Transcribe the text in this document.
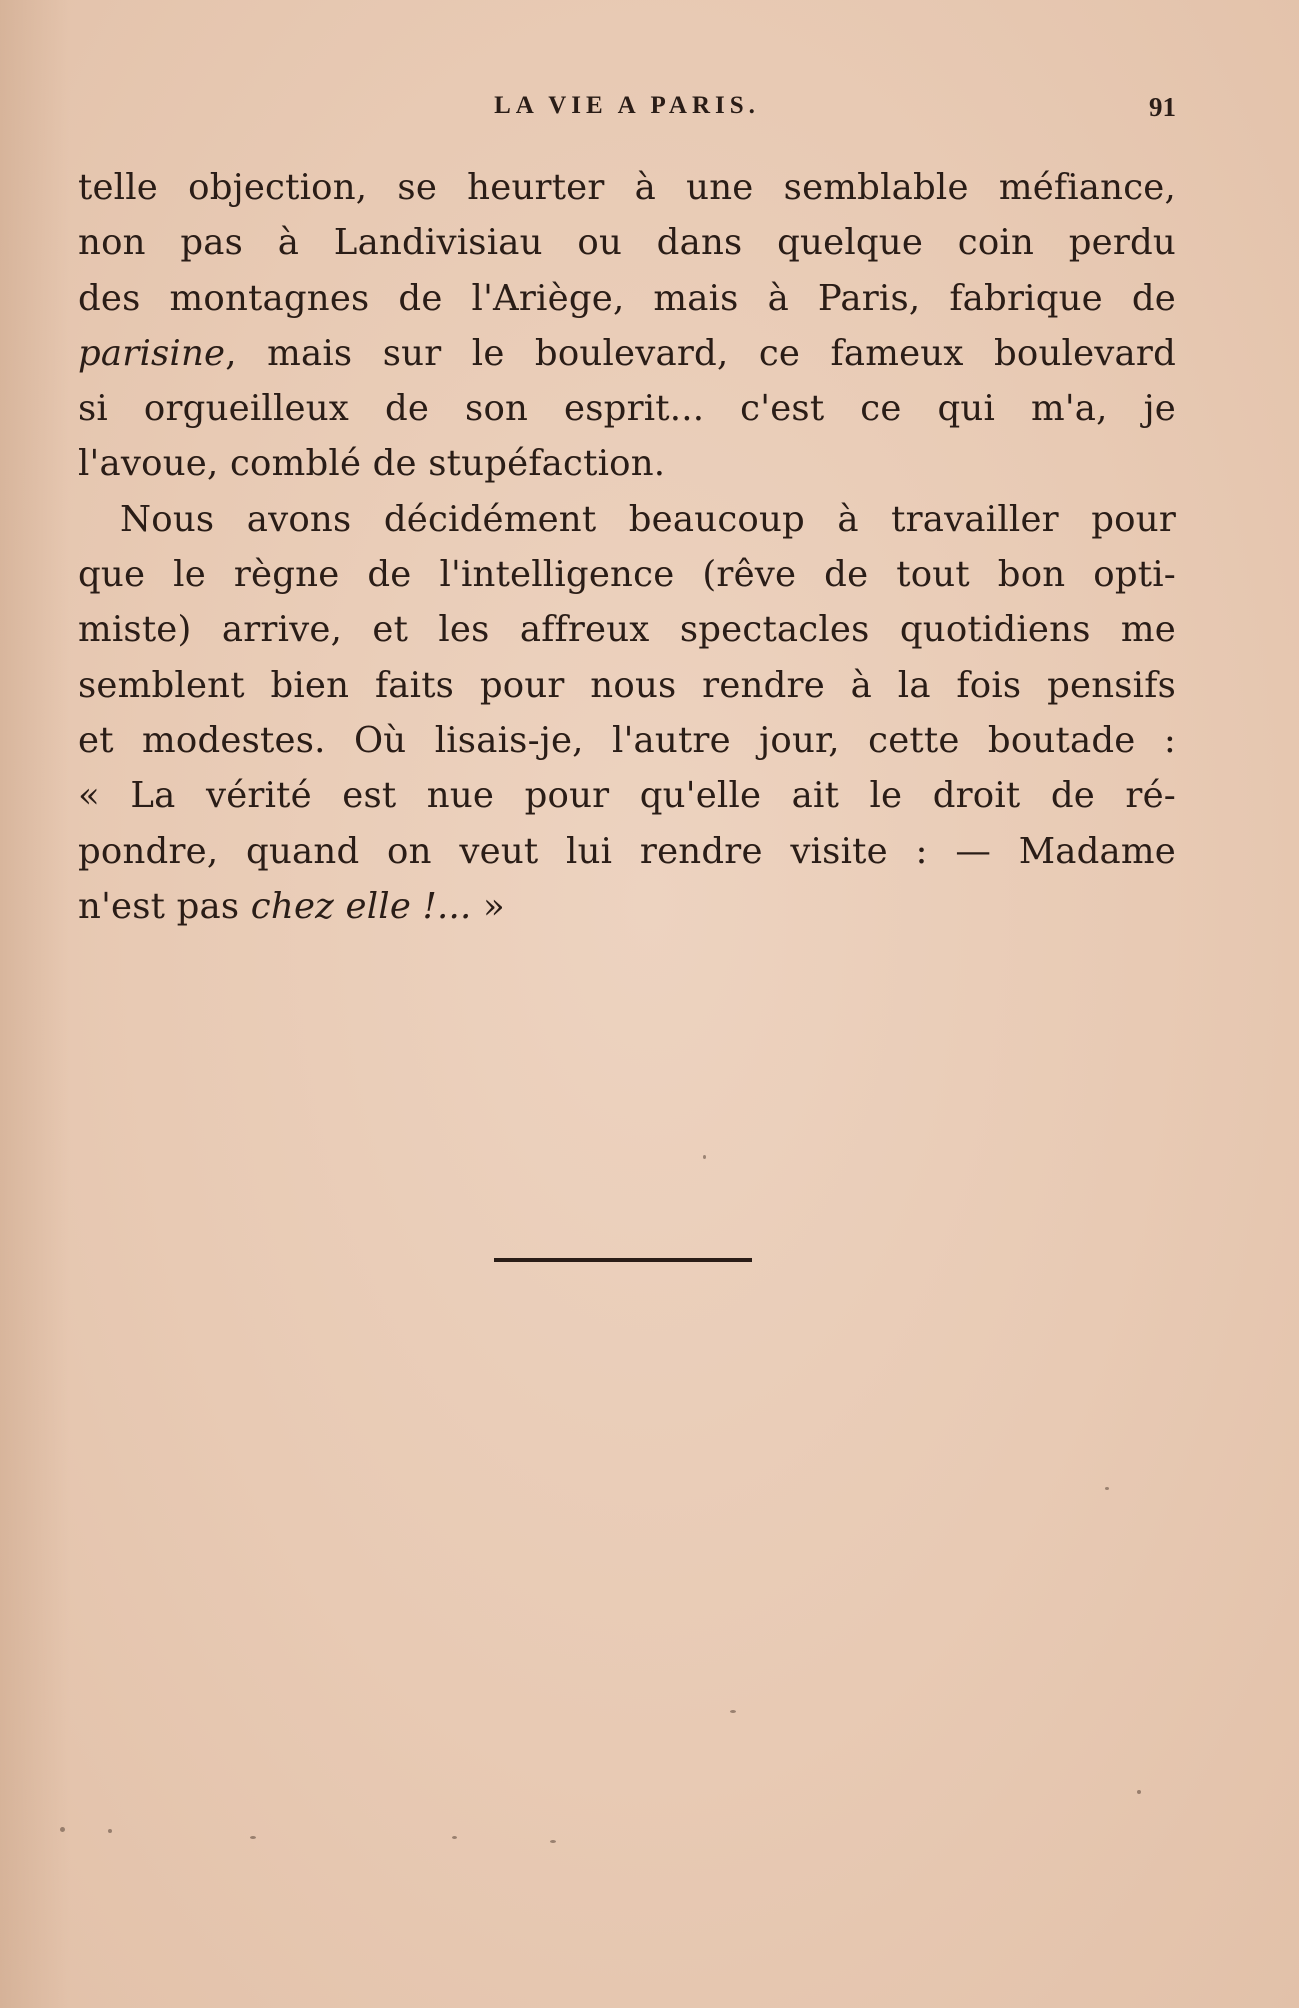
LA VIE A PARIS.	91
telle objection, se heurter à une semblable méfiance,
non pas à Landivisiau ou dans quelque coin perdu
des montagnes de l'Ariège, mais à Paris, fabrique de
parisine, mais sur le boulevard, ce fameux boulevard
si orgueilleux de son esprit... c'est ce qui m'a, je
l'avoue, comblé de stupéfaction.
Nous avons décidément beaucoup à travailler pour
que le règne de l'intelligence (rêve de tout bon opti-
miste) arrive, et les affreux spectacles quotidiens me
semblent bien faits pour nous rendre à la fois pensifs
et modestes. Où lisais-je, l'autre jour, cette boutade :
« La vérité est nue pour qu'elle ait le droit de ré-
pondre, quand on veut lui rendre visite : — Madame
n'est pas chez elle !... »
